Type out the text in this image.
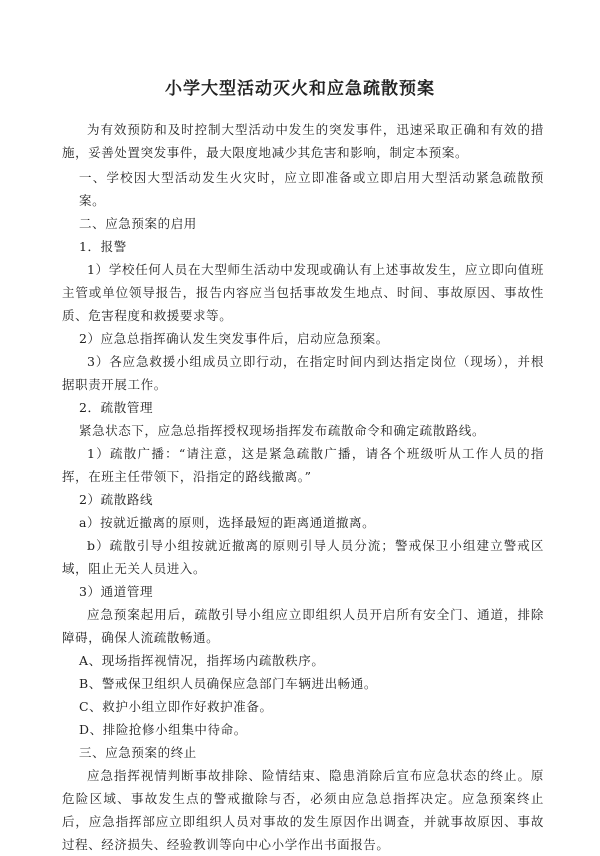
小学大型活动灭火和应急疏散预案

为有效预防和及时控制大型活动中发生的突发事件，迅速采取正确和有效的措施，妥善处置突发事件，最大限度地减少其危害和影响，制定本预案。

一、学校因大型活动发生火灾时，应立即准备或立即启用大型活动紧急疏散预案。

二、应急预案的启用

1．报警

1）学校任何人员在大型师生活动中发现或确认有上述事故发生，应立即向值班主管或单位领导报告，报告内容应当包括事故发生地点、时间、事故原因、事故性质、危害程度和救援要求等。

2）应急总指挥确认发生突发事件后，启动应急预案。

3）各应急救援小组成员立即行动，在指定时间内到达指定岗位（现场），并根据职责开展工作。

2．疏散管理

紧急状态下，应急总指挥授权现场指挥发布疏散命令和确定疏散路线。

1）疏散广播：“请注意，这是紧急疏散广播，请各个班级听从工作人员的指挥，在班主任带领下，沿指定的路线撤离。”

2）疏散路线

a）按就近撤离的原则，选择最短的距离通道撤离。

b）疏散引导小组按就近撤离的原则引导人员分流；警戒保卫小组建立警戒区域，阻止无关人员进入。

3）通道管理

应急预案起用后，疏散引导小组应立即组织人员开启所有安全门、通道，排除障碍，确保人流疏散畅通。

A、现场指挥视情况，指挥场内疏散秩序。

B、警戒保卫组织人员确保应急部门车辆进出畅通。

C、救护小组立即作好救护准备。

D、排险抢修小组集中待命。

三、应急预案的终止

应急指挥视情判断事故排除、险情结束、隐患消除后宣布应急状态的终止。原危险区域、事故发生点的警戒撤除与否，必须由应急总指挥决定。应急预案终止后，应急指挥部应立即组织人员对事故的发生原因作出调查，并就事故原因、事故过程、经济损失、经验教训等向中心小学作出书面报告。
